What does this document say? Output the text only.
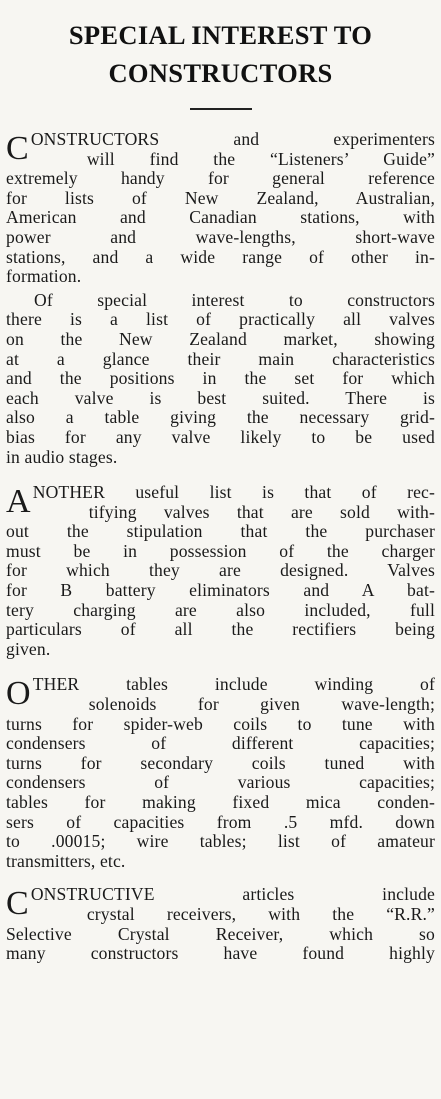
SPECIAL INTEREST TO
CONSTRUCTORS
C ONSTRUCTORS and experimenters
will find the “Listeners’ Guide”
extremely handy for general reference
for lists of New Zealand, Australian,
American and Canadian stations, with
power and wave-lengths, short-wave
stations, and a wide range of other in-
formation.
Of special interest to constructors
there is a list of practically all valves
on the New Zealand market, showing
at a glance their main characteristics
and the positions in the set for which
each valve is best suited. There is
also a table giving the necessary grid-
bias for any valve likely to be used
in audio stages.
A NOTHER useful list is that of rec-
tifying valves that are sold with-
out the stipulation that the purchaser
must be in possession of the charger
for which they are designed. Valves
for B battery eliminators and A bat-
tery charging are also included, full
particulars of all the rectifiers being
given.
O THER tables include winding of
solenoids for given wave-length;
turns for spider-web coils to tune with
condensers of different capacities;
turns for secondary coils tuned with
condensers of various capacities;
tables for making fixed mica conden-
sers of capacities from .5 mfd. down
to .00015; wire tables; list of amateur
transmitters, etc.
C ONSTRUCTIVE articles include
crystal receivers, with the “R.R.”
Selective Crystal Receiver, which so
many constructors have found highly
